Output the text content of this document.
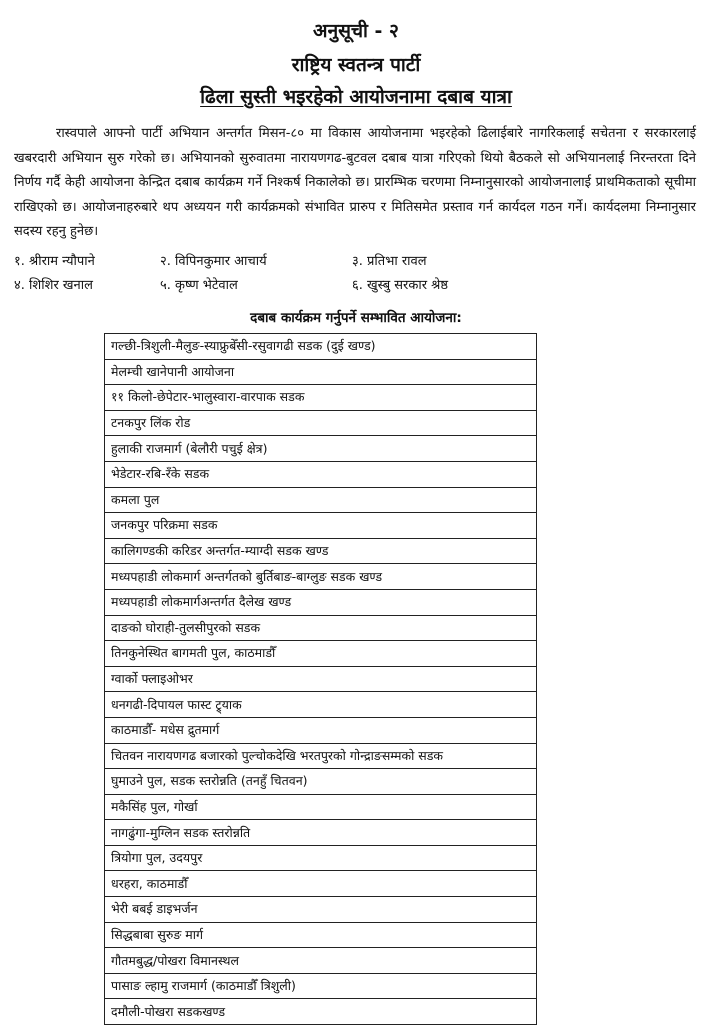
अनुसूची - २
राष्ट्रिय स्वतन्त्र पार्टी
ढिला सुस्ती भइरहेको आयोजनामा दबाब यात्रा
रास्वपाले आफ्नो पार्टी अभियान अन्तर्गत मिसन-८० मा विकास आयोजनामा भइरहेको ढिलाईबारे नागरिकलाई सचेतना र सरकारलाई खबरदारी अभियान सुरु गरेको छ। अभियानको सुरुवातमा नारायणगढ-बुटवल दबाब यात्रा गरिएको थियो बैठकले सो अभियानलाई निरन्तरता दिने निर्णय गर्दै केही आयोजना केन्द्रित दबाब कार्यक्रम गर्ने निश्कर्ष निकालेको छ। प्रारम्भिक चरणमा निम्नानुसारको आयोजनालाई प्राथमिकताको सूचीमा राखिएको छ। आयोजनाहरुबारे थप अध्ययन गरी कार्यक्रमको संभावित प्रारुप र मितिसमेत प्रस्ताव गर्न कार्यदल गठन गर्ने। कार्यदलमा निम्नानुसार सदस्य रहनु हुनेछ।
१. श्रीराम न्यौपाने	२. विपिनकुमार आचार्य	३. प्रतिभा रावल
४. शिशिर खनाल	५. कृष्ण भेटेवाल	६. खुस्बु सरकार श्रेष्ठ
दबाब कार्यक्रम गर्नुपर्ने सम्भावित आयोजना:
गल्छी-त्रिशुली-मैलुङ-स्याफ्रुबेँसी-रसुवागढी सडक (दुई खण्ड)
मेलम्ची खानेपानी आयोजना
११ किलो-छेपेटार-भालुस्वारा-वारपाक सडक
टनकपुर लिंक रोड
हुलाकी राजमार्ग (बेलौरी पचुई क्षेत्र)
भेडेटार-रबि-रँके सडक
कमला पुल
जनकपुर परिक्रमा सडक
कालिगण्डकी करिडर अन्तर्गत-म्याग्दी सडक खण्ड
मध्यपहाडी लोकमार्ग अन्तर्गतको बुर्तिबाङ-बाग्लुङ सडक खण्ड
मध्यपहाडी लोकमार्गअन्तर्गत दैलेख खण्ड
दाङको घोराही-तुलसीपुरको सडक
तिनकुनेस्थित बागमती पुल, काठमाडौँ
ग्वार्को फ्लाइओभर
धनगढी-दिपायल फास्ट ट्र्याक
काठमाडौँ- मधेस द्रुतमार्ग
चितवन नारायणगढ बजारको पुल्चोकदेखि भरतपुरको गोन्द्राङसम्मको सडक
घुमाउने पुल, सडक स्तरोन्नति (तनहुँ चितवन)
मकैसिंह पुल, गोर्खा
नागढुंगा-मुग्लिन सडक स्तरोन्नति
त्रियोगा पुल, उदयपुर
धरहरा, काठमाडौँ
भेरी बबई डाइभर्जन
सिद्धबाबा सुरुङ मार्ग
गौतमबुद्ध/पोखरा विमानस्थल
पासाङ ल्हामु राजमार्ग (काठमाडौँ त्रिशुली)
दमौली-पोखरा सडकखण्ड
